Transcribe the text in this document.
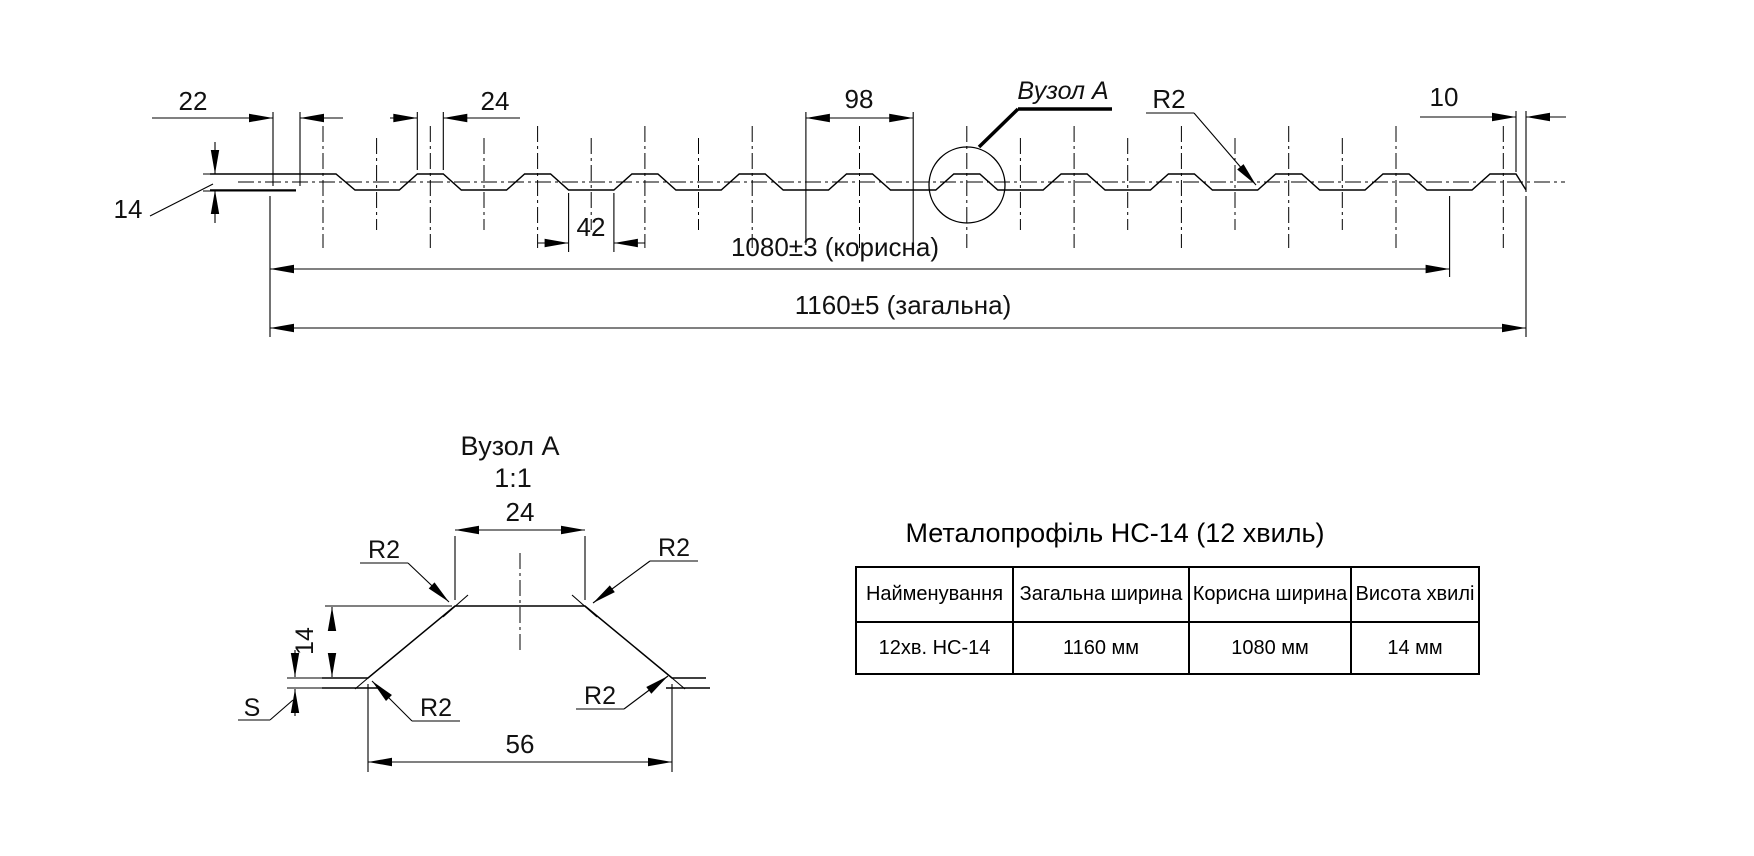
22	24	98
42
14
10
R2
Вузол А
1080±3 (корисна)
1160±5 (загальна)
Вузол А
1:1
24
14
56
S
R2	R2
R2	R2
Металопрофіль НС-14 (12 хвиль)
Найменування	Загальна ширина	Корисна ширина	Висота хвилі
12хв. НС-14	1160 мм	1080 мм	14 мм
